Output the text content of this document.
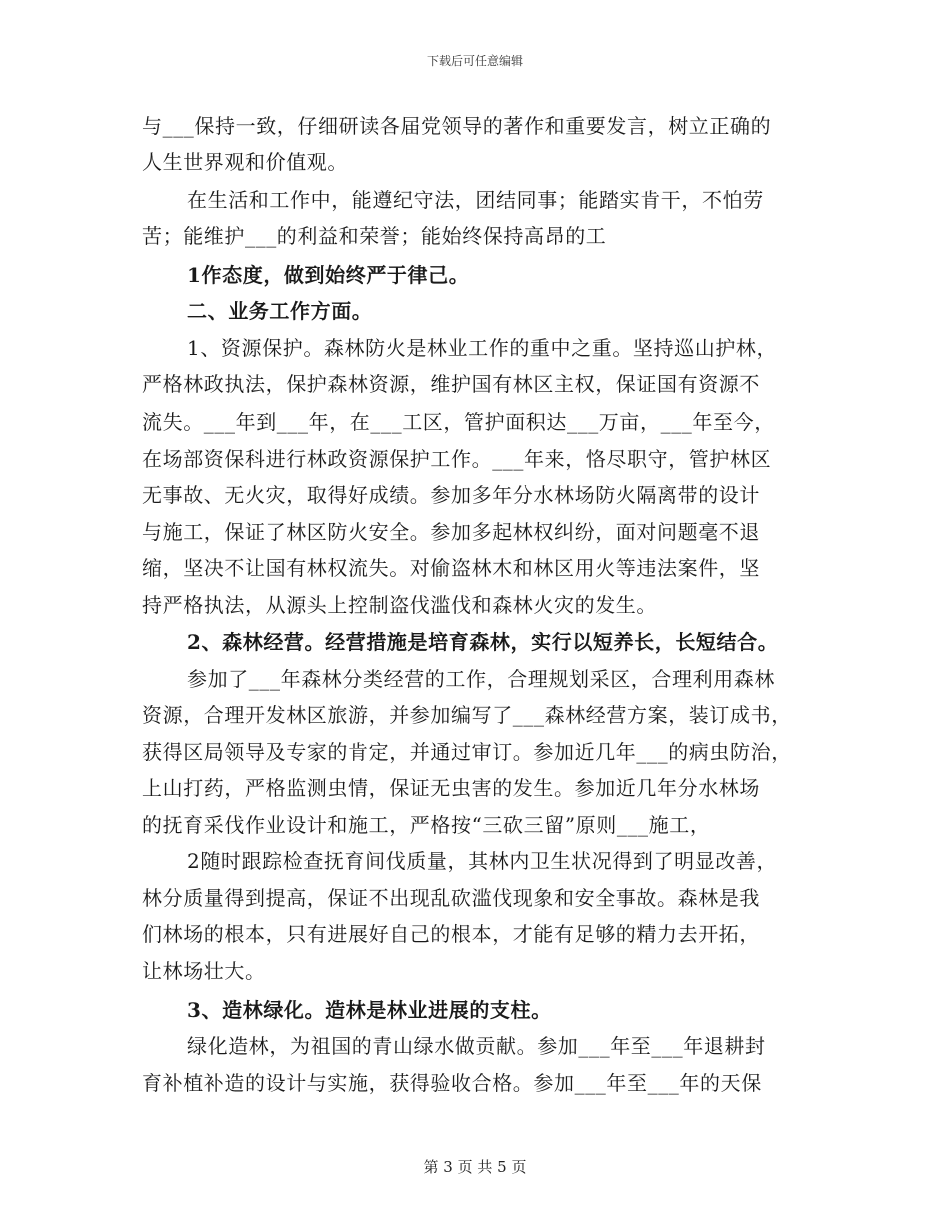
下载后可任意编辑
与___保持一致，仔细研读各届党领导的著作和重要发言，树立正确的
人生世界观和价值观。
在生活和工作中，能遵纪守法，团结同事；能踏实肯干，不怕劳
苦；能维护___的利益和荣誉；能始终保持高昂的工
1作态度，做到始终严于律己。
二、业务工作方面。
1、资源保护。森林防火是林业工作的重中之重。坚持巡山护林，
严格林政执法，保护森林资源，维护国有林区主权，保证国有资源不
流失。___年到___年，在___工区，管护面积达___万亩，___年至今，
在场部资保科进行林政资源保护工作。___年来，恪尽职守，管护林区
无事故、无火灾，取得好成绩。参加多年分水林场防火隔离带的设计
与施工，保证了林区防火安全。参加多起林权纠纷，面对问题毫不退
缩，坚决不让国有林权流失。对偷盗林木和林区用火等违法案件，坚
持严格执法，从源头上控制盗伐滥伐和森林火灾的发生。
2、森林经营。经营措施是培育森林，实行以短养长，长短结合。
参加了___年森林分类经营的工作，合理规划采区，合理利用森林
资源，合理开发林区旅游，并参加编写了___森林经营方案，装订成书，
获得区局领导及专家的肯定，并通过审订。参加近几年___的病虫防治，
上山打药，严格监测虫情，保证无虫害的发生。参加近几年分水林场
的抚育采伐作业设计和施工，严格按“三砍三留”原则___施工，
2随时跟踪检查抚育间伐质量，其林内卫生状况得到了明显改善，
林分质量得到提高，保证不出现乱砍滥伐现象和安全事故。森林是我
们林场的根本，只有进展好自己的根本，才能有足够的精力去开拓，
让林场壮大。
3、造林绿化。造林是林业进展的支柱。
绿化造林，为祖国的青山绿水做贡献。参加___年至___年退耕封
育补植补造的设计与实施，获得验收合格。参加___年至___年的天保
第 3 页 共 5 页
